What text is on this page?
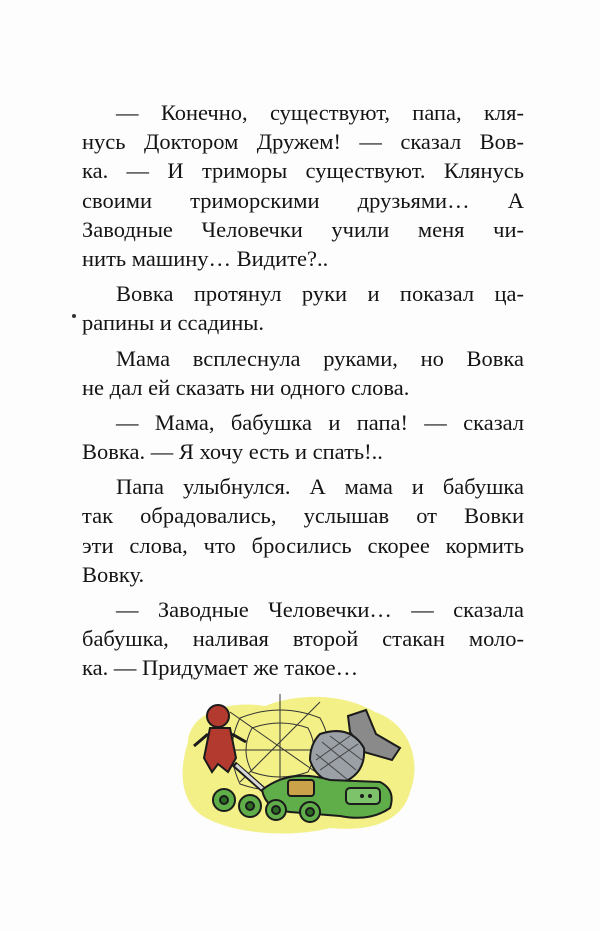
— Конечно, существуют, папа, кля-
нусь Доктором Дружем! — сказал Вов-
ка. — И триморы существуют. Клянусь
своими триморскими друзьями… А
Заводные Человечки учили меня чи-
нить машину… Видите?..
Вовка протянул руки и показал ца-
рапины и ссадины.
Мама всплеснула руками, но Вовка
не дал ей сказать ни одного слова.
— Мама, бабушка и папа! — сказал
Вовка. — Я хочу есть и спать!..
Папа улыбнулся. А мама и бабушка
так обрадовались, услышав от Вовки
эти слова, что бросились скорее кормить
Вовку.
— Заводные Человечки… — сказала
бабушка, наливая второй стакан моло-
ка. — Придумает же такое…
